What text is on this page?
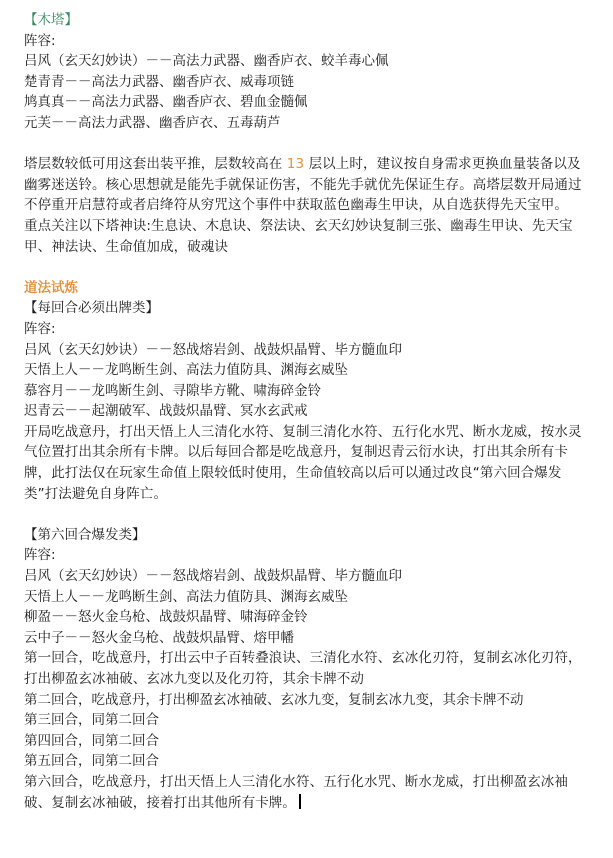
【木塔】
阵容:
吕风（玄天幻妙诀）－－高法力武器、幽香庐衣、蛟羊毒心佩
楚青青－－高法力武器、幽香庐衣、威毒项链
鸠真真－－高法力武器、幽香庐衣、碧血金髓佩
元芙－－高法力武器、幽香庐衣、五毒葫芦
塔层数较低可用这套出装平推，层数较高在 13 层以上时，建议按自身需求更换血量装备以及幽雾迷送铃。核心思想就是能先手就保证伤害，不能先手就优先保证生存。高塔层数开局通过不停重开启慧符或者启绛符从穷咒这个事件中获取蓝色幽毒生甲诀，从自选获得先天宝甲。
重点关注以下塔神诀:生息诀、木息诀、祭法诀、玄天幻妙诀复制三张、幽毒生甲诀、先天宝甲、神法诀、生命值加成，破魂诀
道法试炼
【每回合必须出牌类】
阵容:
吕风（玄天幻妙诀）－－怒战熔岩剑、战鼓炽晶臂、毕方髓血印
天悟上人－－龙鸣断生剑、高法力值防具、渊海玄威坠
慕容月－－龙鸣断生剑、寻隙毕方靴、啸海碎金铃
迟青云－－起潮破军、战鼓炽晶臂、冥水玄武戒
开局吃战意丹，打出天悟上人三清化水符、复制三清化水符、五行化水咒、断水龙威，按水灵气位置打出其余所有卡牌。以后每回合都是吃战意丹，复制迟青云衍水诀，打出其余所有卡牌，此打法仅在玩家生命值上限较低时使用，生命值较高以后可以通过改良“第六回合爆发类”打法避免自身阵亡。
【第六回合爆发类】
阵容:
吕风（玄天幻妙诀）－－怒战熔岩剑、战鼓炽晶臂、毕方髓血印
天悟上人－－龙鸣断生剑、高法力值防具、渊海玄威坠
柳盈－－怒火金乌枪、战鼓炽晶臂、啸海碎金铃
云中子－－怒火金乌枪、战鼓炽晶臂、熔甲幡
第一回合，吃战意丹，打出云中子百转叠浪诀、三清化水符、玄冰化刃符，复制玄冰化刃符，打出柳盈玄冰袖破、玄冰九变以及化刃符，其余卡牌不动
第二回合，吃战意丹，打出柳盈玄冰袖破、玄冰九变，复制玄冰九变，其余卡牌不动
第三回合，同第二回合
第四回合，同第二回合
第五回合，同第二回合
第六回合，吃战意丹，打出天悟上人三清化水符、五行化水咒、断水龙威，打出柳盈玄冰袖破、复制玄冰袖破，接着打出其他所有卡牌。
